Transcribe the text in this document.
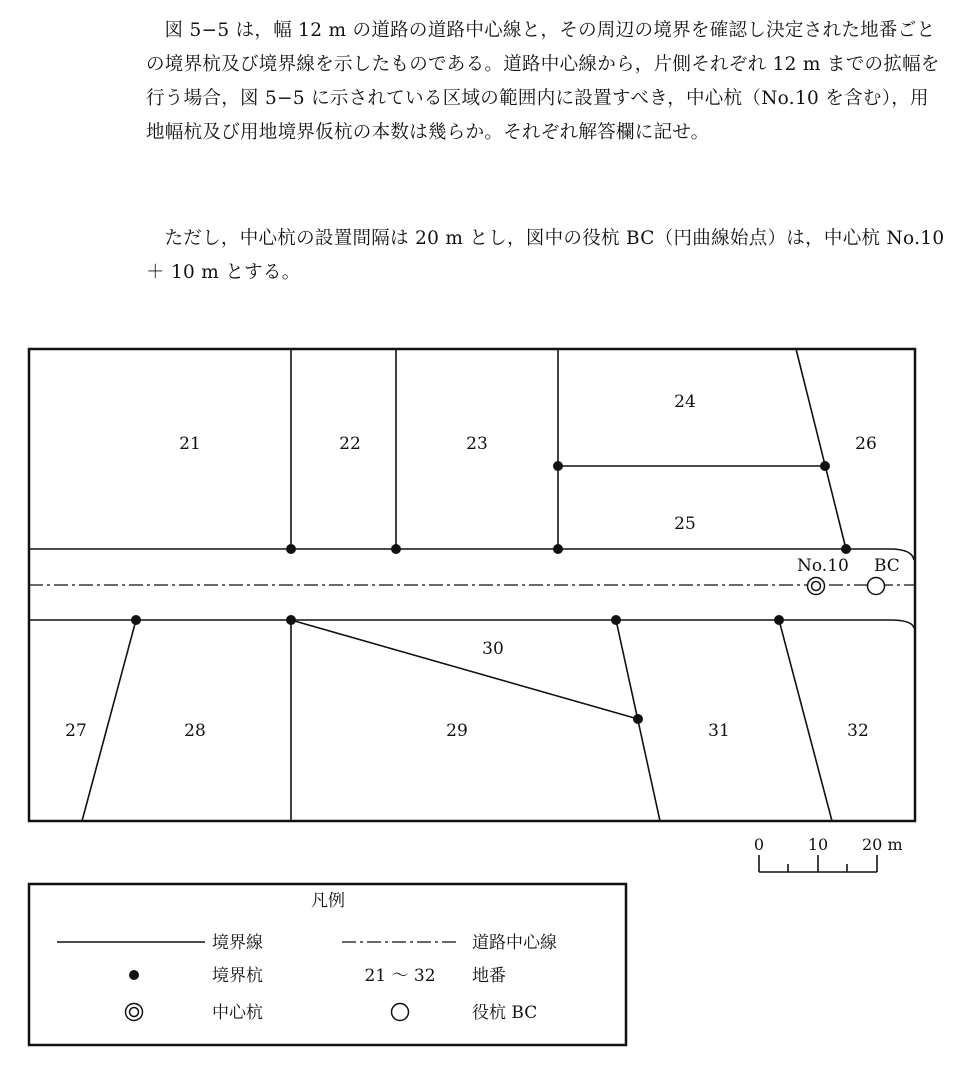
図 5−5 は，幅 12 m の道路の道路中心線と，その周辺の境界を確認し決定された地番ごとの境界杭及び境界線を示したものである。道路中心線から，片側それぞれ 12 m までの拡幅を行う場合，図 5−5 に示されている区域の範囲内に設置すべき，中心杭（No.10 を含む），用地幅杭及び用地境界仮杭の本数は幾らか。それぞれ解答欄に記せ。

ただし，中心杭の設置間隔は 20 m とし，図中の役杭 BC（円曲線始点）は，中心杭 No.10 ＋ 10 m とする。

No.10 BC
21	22	23
24
25
26
27	28	29
30
31	32
0	10 20 m
凡例
境界線	道路中心線
境界杭	21 ～ 32 地番
中心杭	役杭 BC
